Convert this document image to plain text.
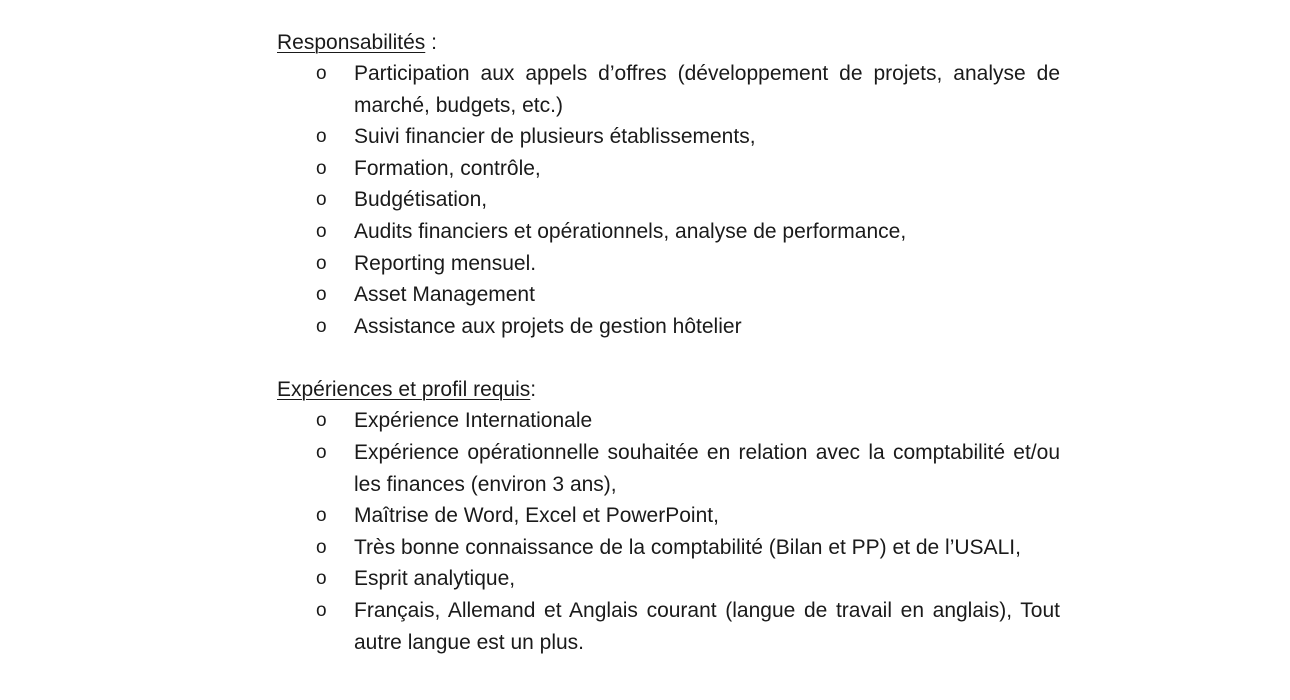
Responsabilités :
o Participation aux appels d’offres (développement de projets, analyse de marché, budgets, etc.)
o Suivi financier de plusieurs établissements,
o Formation, contrôle,
o Budgétisation,
o Audits financiers et opérationnels, analyse de performance,
o Reporting mensuel.
o Asset Management
o Assistance aux projets de gestion hôtelier
Expériences et profil requis:
o Expérience Internationale
o Expérience opérationnelle souhaitée en relation avec la comptabilité et/ou les finances (environ 3 ans),
o Maîtrise de Word, Excel et PowerPoint,
o Très bonne connaissance de la comptabilité (Bilan et PP) et de l’USALI,
o Esprit analytique,
o Français, Allemand et Anglais courant (langue de travail en anglais), Tout autre langue est un plus.
